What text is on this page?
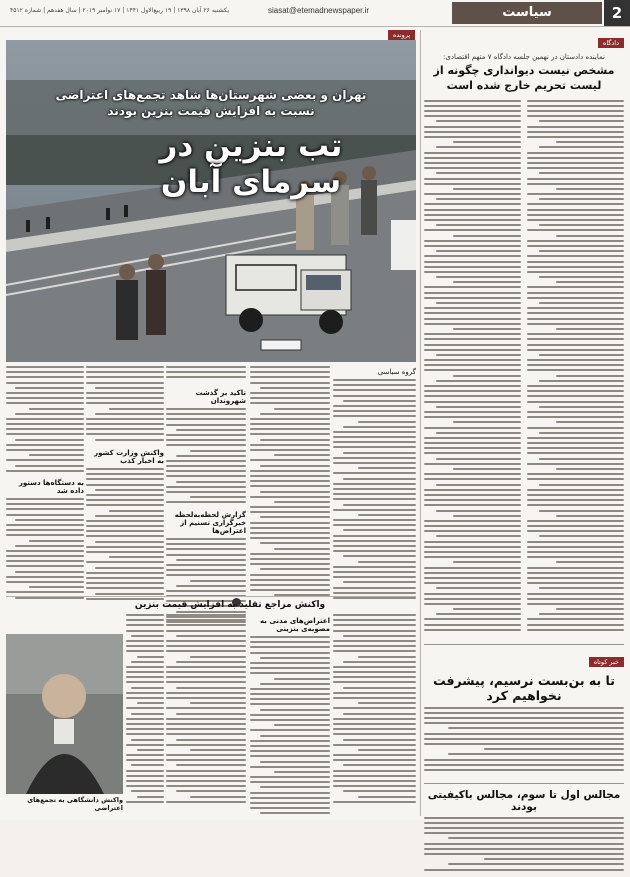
2
سیاست
siasat@etemadnewspaper.ir
یکشنبه ۲۶ آبان ۱۳۹۸ | ۱۹ ربیع‌الاول ۱۴۴۱ | ۱۷ نوامبر ۲۰۱۹ | سال هفدهم | شماره ۴۵۱۲
دادگاه
نماینده دادستان در نهمین جلسه دادگاه ۷ متهم اقتصادی:
مشخص نیست دیوانداری چگونه از لیست تحریم خارج شده است
خبر کوتاه
تا به بن‌بست نرسیم، پیشرفت نخواهیم کرد
مجالس اول تا سوم، مجالس باکیفیتی بودند
پرونده
تهران و بعضی شهرستان‌ها شاهد تجمع‌های اعتراضی نسبت به افزایش قیمت بنزین بودند
تب بنزین در سرمای آبان
گروه سیاسی
تاکید بر گذشت شهروندان
گزارش لحظه‌به‌لحظه خبرگزاری تسنیم از اعتراض‌ها
واکنش وزارت کشور به اخبار کذب
به دستگاه‌ها دستور داده شد
واکنش مراجع تقلید به افزایش قیمت بنزین
اعتراض‌های مدنی به مصوبه‌ی بنزینی
واکنش دانشگاهی به تجمع‌های اعتراضی
